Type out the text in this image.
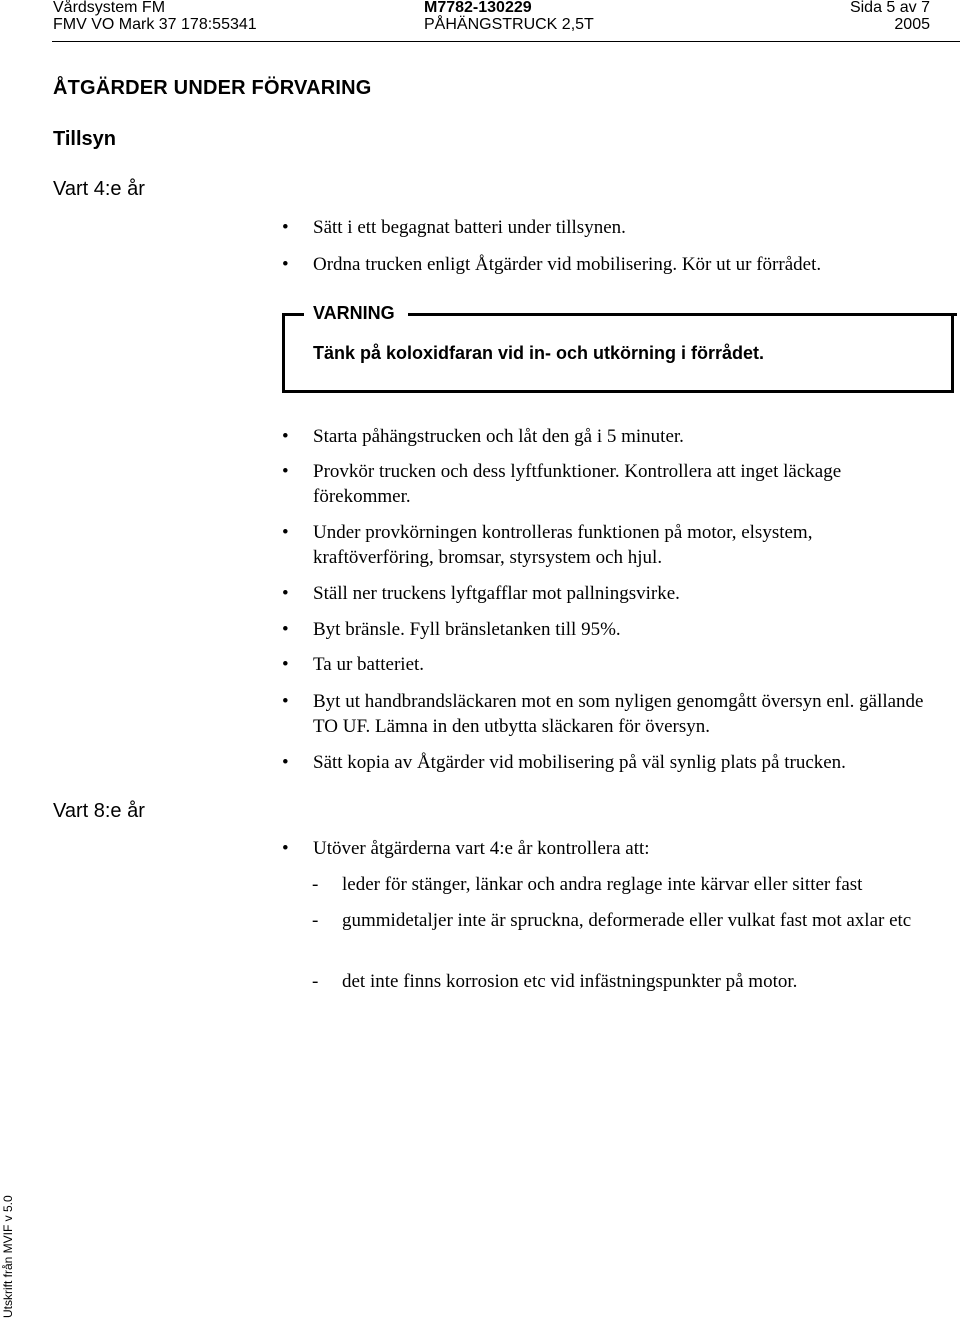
Vårdsystem FM
FMV VO Mark 37 178:55341
M7782-130229
PÅHÄNGSTRUCK 2,5T
Sida 5 av 7
2005
ÅTGÄRDER UNDER FÖRVARING
Tillsyn
Vart 4:e år
• Sätt i ett begagnat batteri under tillsynen.
• Ordna trucken enligt Åtgärder vid mobilisering. Kör ut ur förrådet.
VARNING
Tänk på koloxidfaran vid in- och utkörning i förrådet.
• Starta påhängstrucken och låt den gå i 5 minuter.
• Provkör trucken och dess lyftfunktioner. Kontrollera att inget läckage förekommer.
• Under provkörningen kontrolleras funktionen på motor, elsystem, kraftöverföring, bromsar, styrsystem och hjul.
• Ställ ner truckens lyftgafflar mot pallningsvirke.
• Byt bränsle. Fyll bränsletanken till 95%.
• Ta ur batteriet.
• Byt ut handbrandsläckaren mot en som nyligen genomgått översyn enl. gällande TO UF. Lämna in den utbytta släckaren för översyn.
• Sätt kopia av Åtgärder vid mobilisering på väl synlig plats på trucken.
Vart 8:e år
• Utöver åtgärderna vart 4:e år kontrollera att:
- leder för stänger, länkar och andra reglage inte kärvar eller sitter fast
- gummidetaljer inte är spruckna, deformerade eller vulkat fast mot axlar etc
- det inte finns korrosion etc vid infästningspunkter på motor.
Utskrift från MVIF v 5.0
